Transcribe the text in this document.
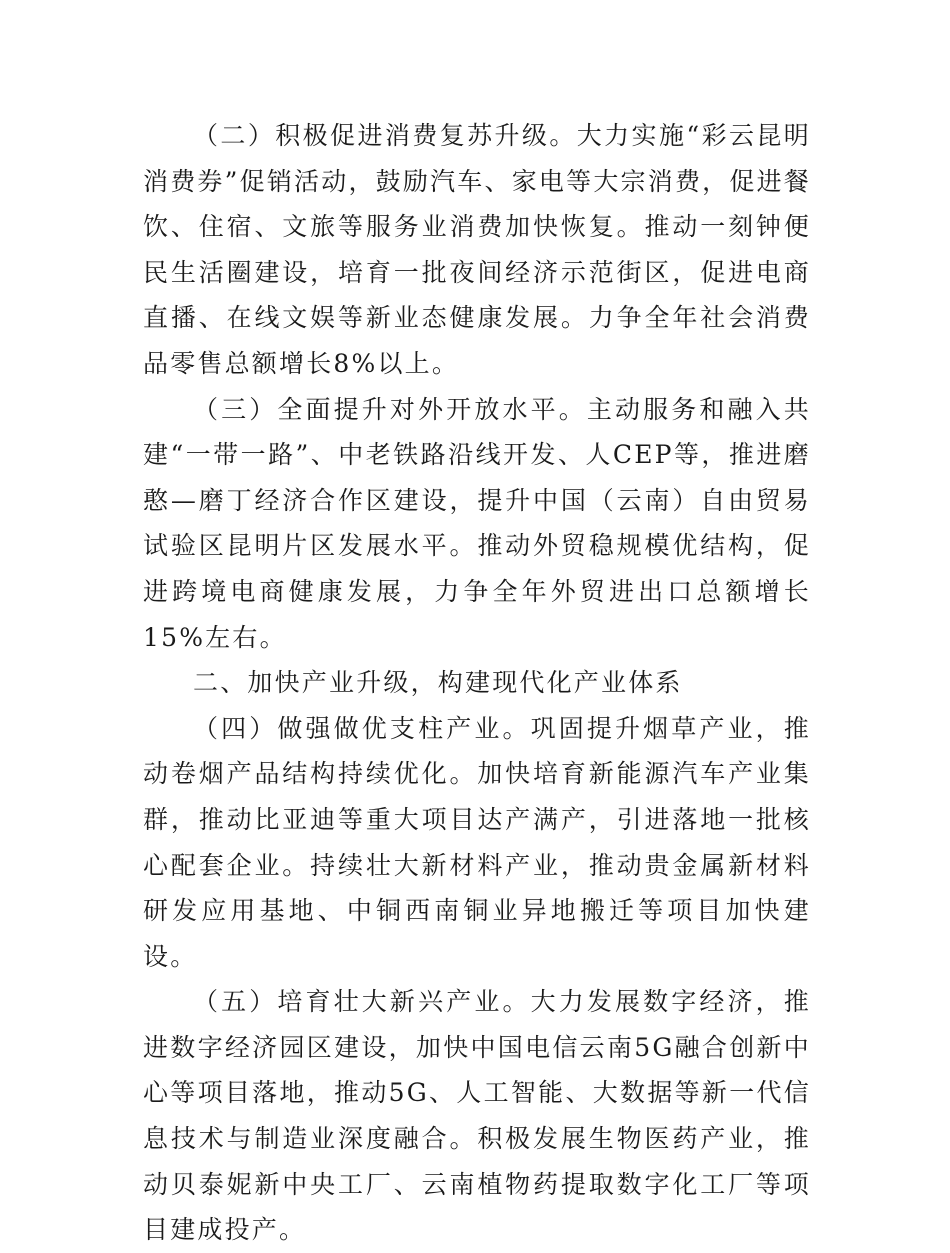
（二）积极促进消费复苏升级。大力实施“彩云昆明消费券”促销活动，鼓励汽车、家电等大宗消费，促进餐饮、住宿、文旅等服务业消费加快恢复。推动一刻钟便民生活圈建设，培育一批夜间经济示范街区，促进电商直播、在线文娱等新业态健康发展。力争全年社会消费品零售总额增长8%以上。

（三）全面提升对外开放水平。主动服务和融入共建“一带一路”、中老铁路沿线开发、人CEP等，推进磨憨—磨丁经济合作区建设，提升中国（云南）自由贸易试验区昆明片区发展水平。推动外贸稳规模优结构，促进跨境电商健康发展，力争全年外贸进出口总额增长15%左右。

二、加快产业升级，构建现代化产业体系

（四）做强做优支柱产业。巩固提升烟草产业，推动卷烟产品结构持续优化。加快培育新能源汽车产业集群，推动比亚迪等重大项目达产满产，引进落地一批核心配套企业。持续壮大新材料产业，推动贵金属新材料研发应用基地、中铜西南铜业异地搬迁等项目加快建设。

（五）培育壮大新兴产业。大力发展数字经济，推进数字经济园区建设，加快中国电信云南5G融合创新中心等项目落地，推动5G、人工智能、大数据等新一代信息技术与制造业深度融合。积极发展生物医药产业，推动贝泰妮新中央工厂、云南植物药提取数字化工厂等项目建成投产。
